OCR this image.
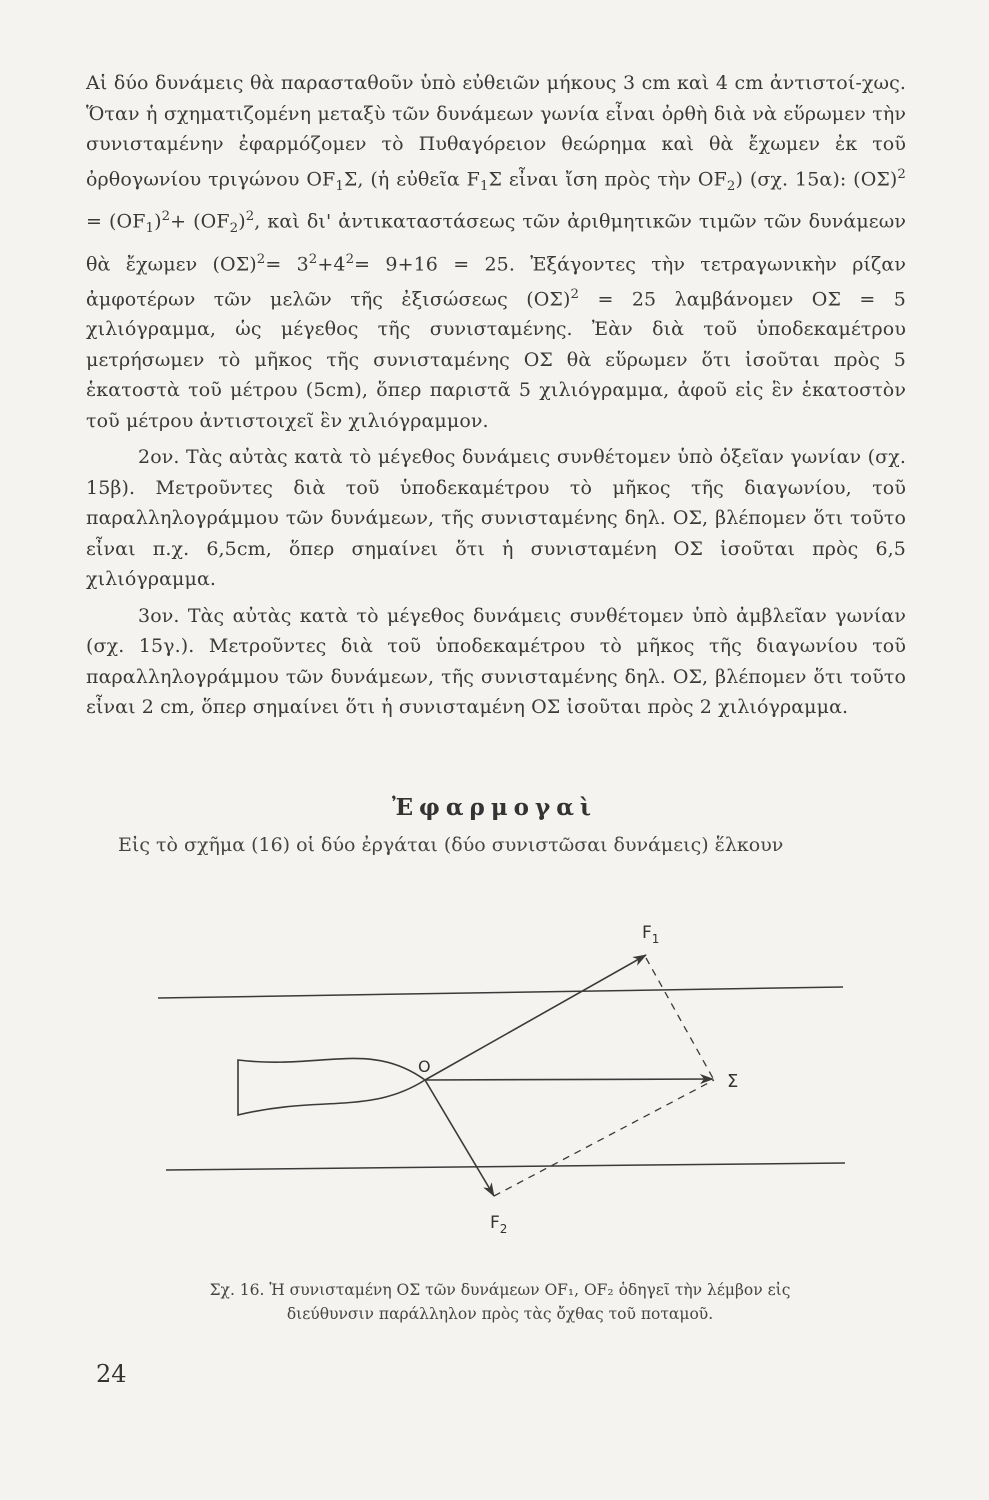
Αἱ δύο δυνάμεις θὰ παρασταθοῦν ὑπὸ εὐθειῶν μήκους 3 cm καὶ 4 cm ἀντιστοί-χως. Ὅταν ἡ σχηματιζομένη μεταξὺ τῶν δυνάμεων γωνία εἶναι ὀρθὴ διὰ νὰ εὕρωμεν τὴν συνισταμένην ἐφαρμόζομεν τὸ Πυθαγόρειον θεώρημα καὶ θὰ ἔχωμεν ἐκ τοῦ ὀρθογωνίου τριγώνου $OF_1\Sigma$, (ἡ εὐθεῖα $F_1\Sigma$ εἶναι ἴση πρὸς τὴν $OF_2$) (σχ. 15α): $(O\Sigma)^2 = (OF_1)^2+ (OF_2)^2$, καὶ δι' ἀντικαταστάσεως τῶν ἀριθμητικῶν τιμῶν τῶν δυνάμεων θὰ ἔχωμεν $(O\Sigma)^2= 3^2+4^2= 9+16 = 25$. Ἐξάγοντες τὴν τετραγωνικὴν ρίζαν ἀμφοτέρων τῶν μελῶν τῆς ἐξισώσεως $(O\Sigma)^2 = 25$ λαμβάνομεν ΟΣ = 5 χιλιόγραμμα, ὡς μέγεθος τῆς συνισταμένης. Ἐὰν διὰ τοῦ ὑποδεκαμέτρου μετρήσωμεν τὸ μῆκος τῆς συνισταμένης ΟΣ θὰ εὕρωμεν ὅτι ἰσοῦται πρὸς 5 ἑκατοστὰ τοῦ μέτρου (5cm), ὅπερ παριστᾶ 5 χιλιόγραμμα, ἀφοῦ εἰς ἓν ἑκατοστὸν τοῦ μέτρου ἀντιστοιχεῖ ἓν χιλιόγραμμον.

2ον. Τὰς αὐτὰς κατὰ τὸ μέγεθος δυνάμεις συνθέτομεν ὑπὸ ὀξεῖαν γωνίαν (σχ. 15β). Μετροῦντες διὰ τοῦ ὑποδεκαμέτρου τὸ μῆκος τῆς διαγωνίου, τοῦ παραλληλογράμμου τῶν δυνάμεων, τῆς συνισταμένης δηλ. ΟΣ, βλέπομεν ὅτι τοῦτο εἶναι π.χ. 6,5cm, ὅπερ σημαίνει ὅτι ἡ συνισταμένη ΟΣ ἰσοῦται πρὸς 6,5 χιλιόγραμμα.

3ον. Τὰς αὐτὰς κατὰ τὸ μέγεθος δυνάμεις συνθέτομεν ὑπὸ ἀμβλεῖαν γωνίαν (σχ. 15γ.). Μετροῦντες διὰ τοῦ ὑποδεκαμέτρου τὸ μῆκος τῆς διαγωνίου τοῦ παραλληλογράμμου τῶν δυνάμεων, τῆς συνισταμένης δηλ. ΟΣ, βλέπομεν ὅτι τοῦτο εἶναι 2 cm, ὅπερ σημαίνει ὅτι ἡ συνισταμένη ΟΣ ἰσοῦται πρὸς 2 χιλιόγραμμα.

Ἐφαρμογαὶ
Εἰς τὸ σχῆμα (16) οἱ δύο ἐργάται (δύο συνιστῶσαι δυνάμεις) ἕλκουν
$F_1$
$F_2$
O
Σ
Σχ. 16. Ἡ συνισταμένη ΟΣ τῶν δυνάμεων OF₁, OF₂ ὁδηγεῖ τὴν λέμβον εἰς
διεύθυνσιν παράλληλον πρὸς τὰς ὄχθας τοῦ ποταμοῦ.
24
